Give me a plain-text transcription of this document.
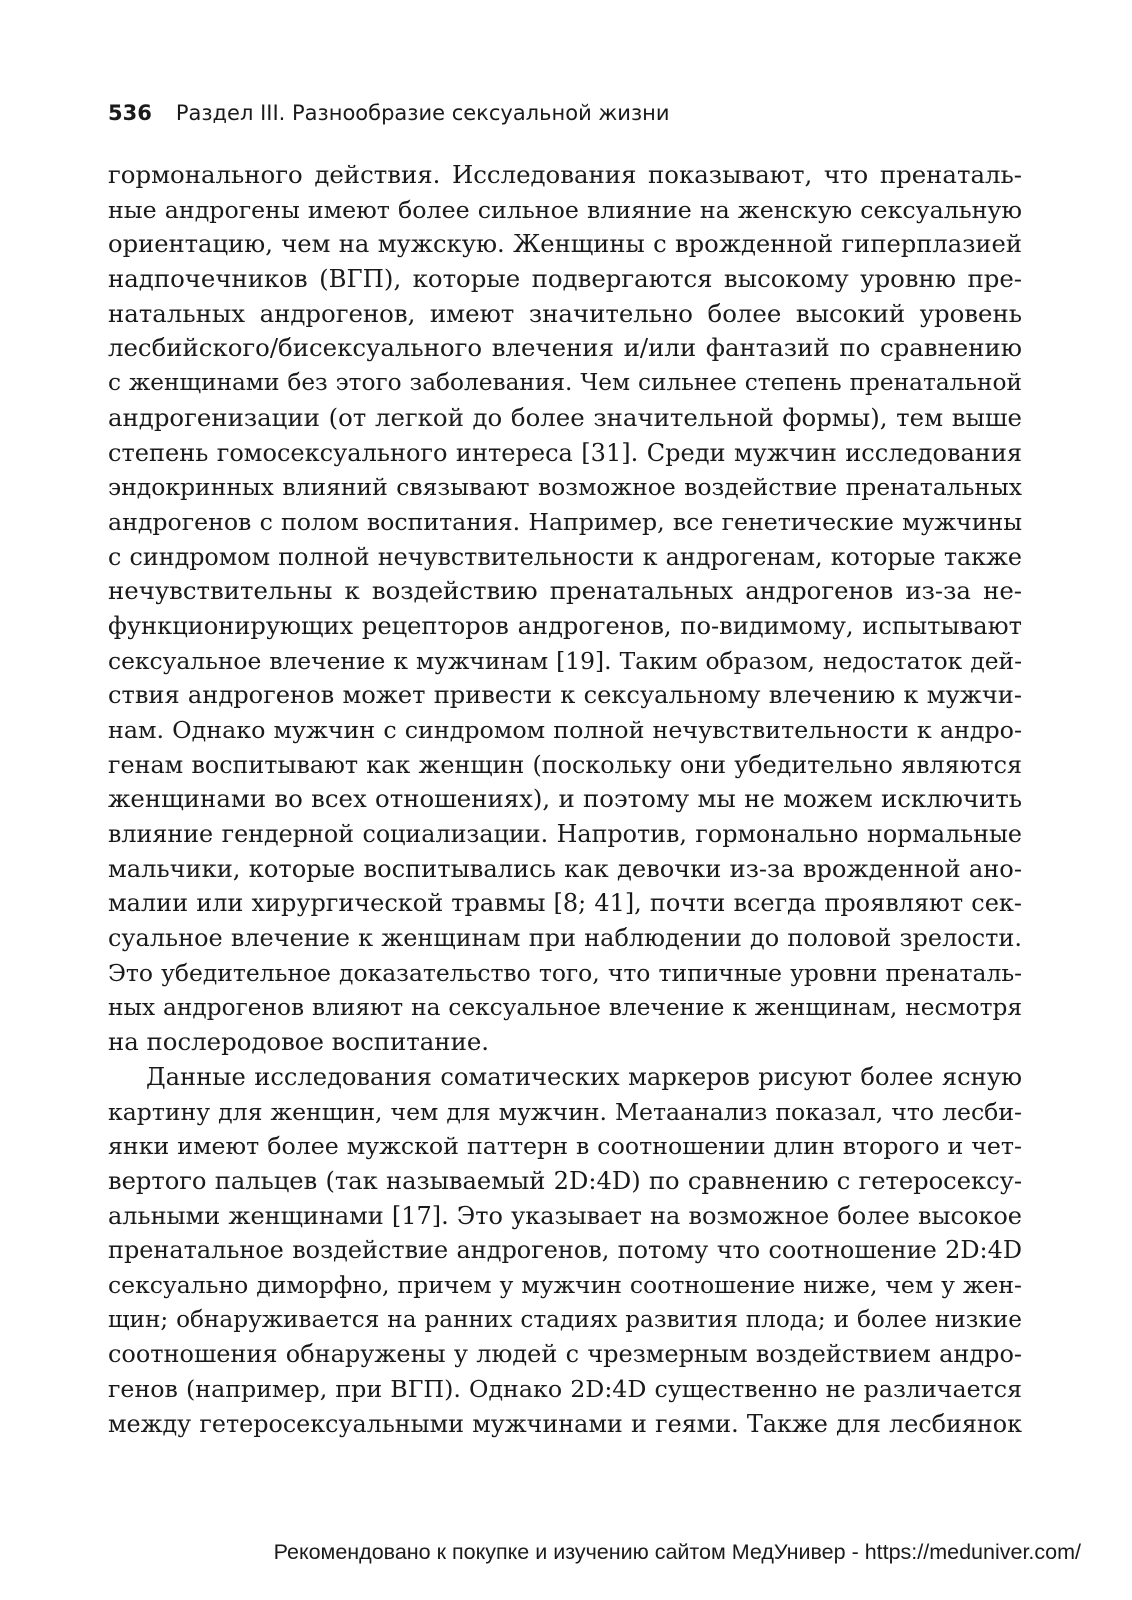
536 Раздел III. Разнообразие сексуальной жизни
гормонального действия. Исследования показывают, что пренаталь-
ные андрогены имеют более сильное влияние на женскую сексуальную
ориентацию, чем на мужскую. Женщины с врожденной гиперплазией
надпочечников (ВГП), которые подвергаются высокому уровню пре-
натальных андрогенов, имеют значительно более высокий уровень
лесбийского/бисексуального влечения и/или фантазий по сравнению
с женщинами без этого заболевания. Чем сильнее степень пренатальной
андрогенизации (от легкой до более значительной формы), тем выше
степень гомосексуального интереса [31]. Среди мужчин исследования
эндокринных влияний связывают возможное воздействие пренатальных
андрогенов с полом воспитания. Например, все генетические мужчины
с синдромом полной нечувствительности к андрогенам, которые также
нечувствительны к воздействию пренатальных андрогенов из-за не-
функционирующих рецепторов андрогенов, по-видимому, испытывают
сексуальное влечение к мужчинам [19]. Таким образом, недостаток дей-
ствия андрогенов может привести к сексуальному влечению к мужчи-
нам. Однако мужчин с синдромом полной нечувствительности к андро-
генам воспитывают как женщин (поскольку они убедительно являются
женщинами во всех отношениях), и поэтому мы не можем исключить
влияние гендерной социализации. Напротив, гормонально нормальные
мальчики, которые воспитывались как девочки из-за врожденной ано-
малии или хирургической травмы [8; 41], почти всегда проявляют сек-
суальное влечение к женщинам при наблюдении до половой зрелости.
Это убедительное доказательство того, что типичные уровни пренаталь-
ных андрогенов влияют на сексуальное влечение к женщинам, несмотря
на послеродовое воспитание.
Данные исследования соматических маркеров рисуют более ясную
картину для женщин, чем для мужчин. Метаанализ показал, что лесби-
янки имеют более мужской паттерн в соотношении длин второго и чет-
вертого пальцев (так называемый 2D:4D) по сравнению с гетеросексу-
альными женщинами [17]. Это указывает на возможное более высокое
пренатальное воздействие андрогенов, потому что соотношение 2D:4D
сексуально диморфно, причем у мужчин соотношение ниже, чем у жен-
щин; обнаруживается на ранних стадиях развития плода; и более низкие
соотношения обнаружены у людей с чрезмерным воздействием андро-
генов (например, при ВГП). Однако 2D:4D существенно не различается
между гетеросексуальными мужчинами и геями. Также для лесбиянок
Рекомендовано к покупке и изучению сайтом МедУнивер - https://meduniver.com/
